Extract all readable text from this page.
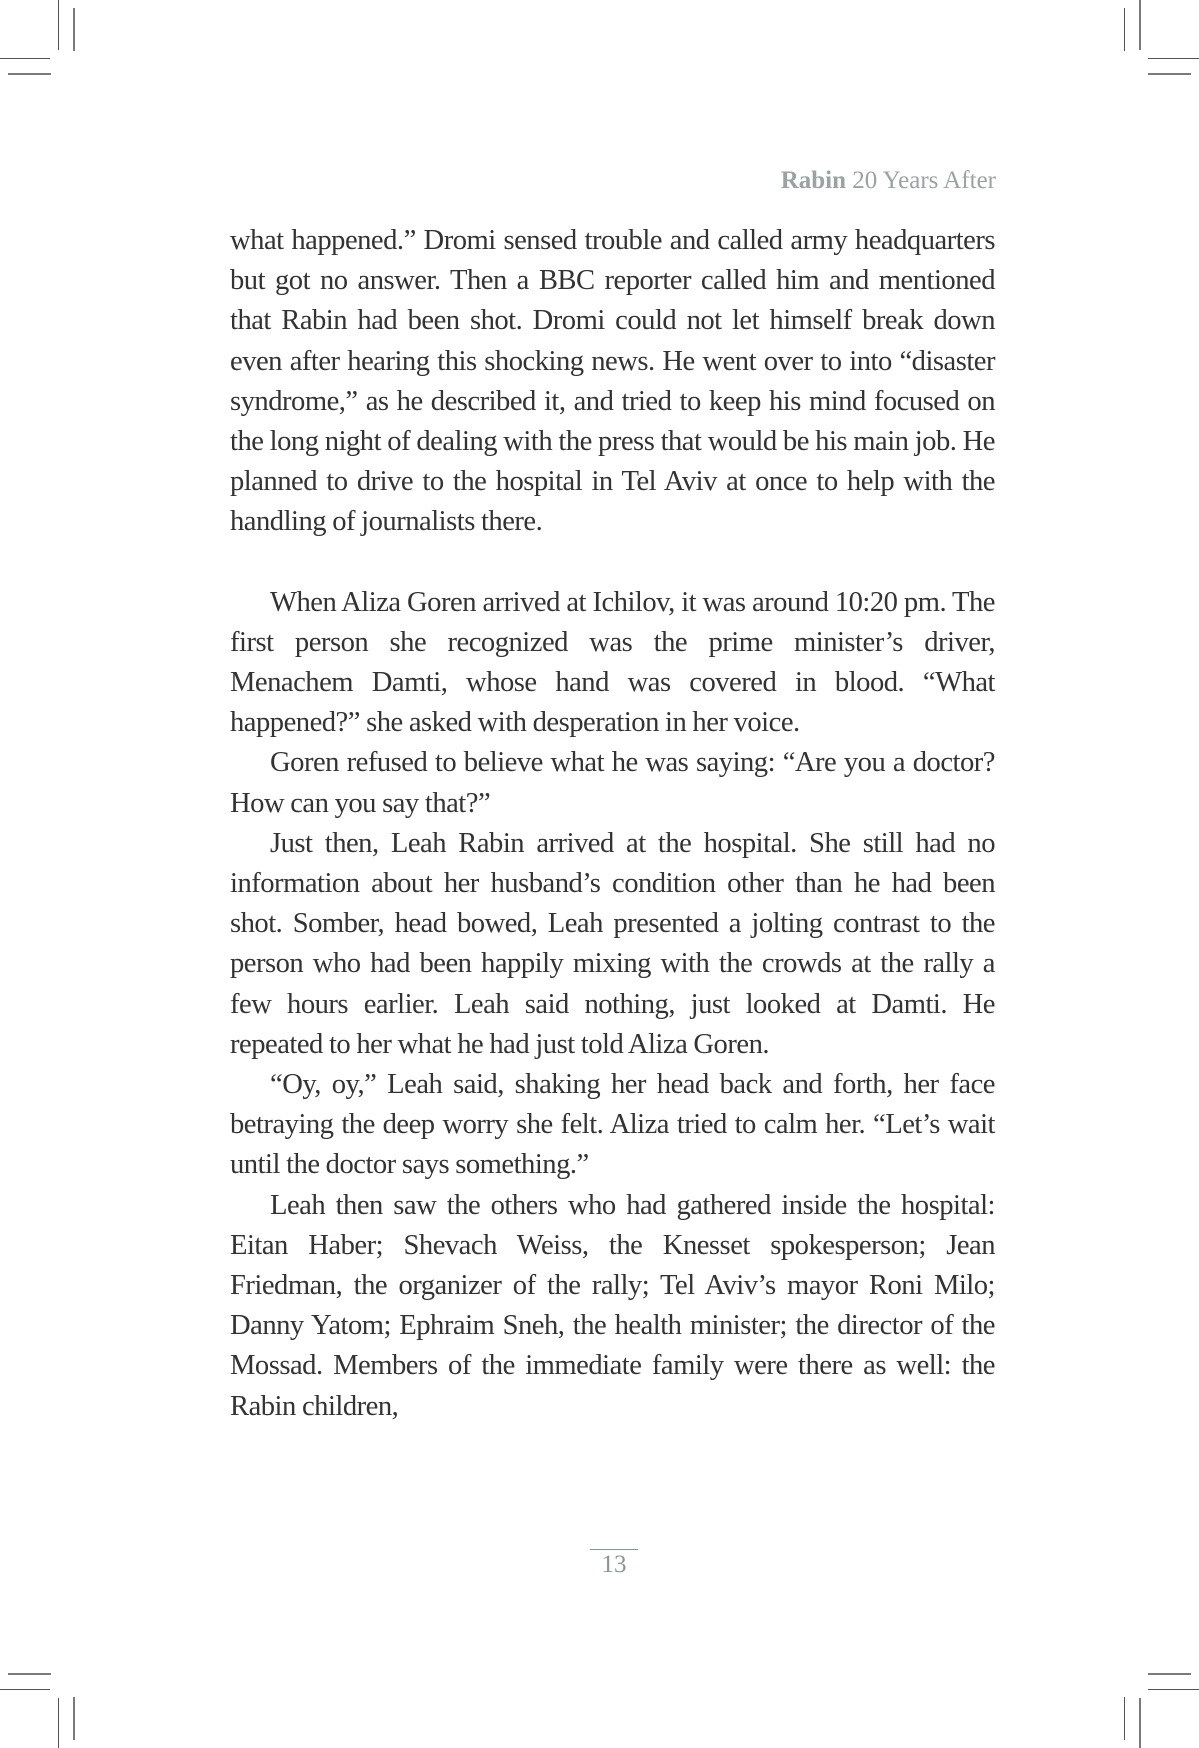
Rabin 20 Years After

what happened.” Dromi sensed trouble and called army headquarters but got no answer. Then a BBC reporter called him and mentioned that Rabin had been shot. Dromi could not let himself break down even after hearing this shocking news. He went over to into “disaster syndrome,” as he described it, and tried to keep his mind focused on the long night of dealing with the press that would be his main job. He planned to drive to the hospital in Tel Aviv at once to help with the handling of journalists there.

When Aliza Goren arrived at Ichilov, it was around 10:20 pm. The first person she recognized was the prime minister’s driver, Menachem Damti, whose hand was covered in blood. “What happened?” she asked with desperation in her voice.

Goren refused to believe what he was saying: “Are you a doctor? How can you say that?”

Just then, Leah Rabin arrived at the hospital. She still had no information about her husband’s condition other than he had been shot. Somber, head bowed, Leah presented a jolting contrast to the person who had been happily mixing with the crowds at the rally a few hours earlier. Leah said nothing, just looked at Damti. He repeated to her what he had just told Aliza Goren.

“Oy, oy,” Leah said, shaking her head back and forth, her face betraying the deep worry she felt. Aliza tried to calm her. “Let’s wait until the doctor says something.”

Leah then saw the others who had gathered inside the hospital: Eitan Haber; Shevach Weiss, the Knesset spokesperson; Jean Friedman, the organizer of the rally; Tel Aviv’s mayor Roni Milo; Danny Yatom; Ephraim Sneh, the health minister; the director of the Mossad. Members of the immediate family were there as well: the Rabin children,

13
